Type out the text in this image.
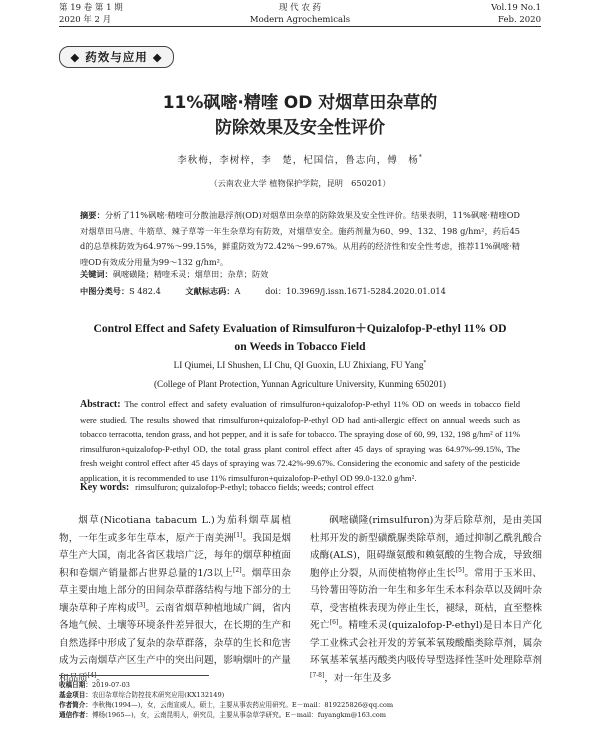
第 19 卷 第 1 期	现 代 农 药	Vol.19 No.1
2020 年 2 月	Modern Agrochemicals	Feb. 2020
◆ 药效与应用 ◆
11%砜嘧·精喹 OD 对烟草田杂草的
防除效果及安全性评价
李秋梅，李树梓，李　楚，杞国信，鲁志向，傅　杨*
（云南农业大学 植物保护学院，昆明　650201）
摘要：分析了11%砜嘧·精喹可分散油悬浮剂(OD)对烟草田杂草的防除效果及安全性评价。结果表明，11%砜嘧·精喹OD对烟草田马唐、牛筋草、辣子草等一年生杂草均有防效，对烟草安全。施药剂量为60、99、132、198 g/hm²，药后45 d的总草株防效为64.97%～99.15%，鲜重防效为72.42%～99.67%。从用药的经济性和安全性考虑，推荐11%砜嘧·精喹OD有效成分用量为99～132 g/hm²。
关键词：砜嘧磺隆；精喹禾灵；烟草田；杂草；防效
中图分类号：S 482.4	文献标志码：A	doi：10.3969/j.issn.1671-5284.2020.01.014
Control Effect and Safety Evaluation of Rimsulfuron＋Quizalofop-P-ethyl 11% OD
on Weeds in Tobacco Field
LI Qiumei, LI Shushen, LI Chu, QI Guoxin, LU Zhixiang, FU Yang*
(College of Plant Protection, Yunnan Agriculture University, Kunming 650201)
Abstract: The control effect and safety evaluation of rimsulfuron+quizalofop-P-ethyl 11% OD on weeds in tobacco field were studied. The results showed that rimsulfuron+quizalofop-P-ethyl OD had anti-allergic effect on annual weeds such as tobacco terracotta, tendon grass, and hot pepper, and it is safe for tobacco. The spraying dose of 60, 99, 132, 198 g/hm² of 11% rimsulfuron+quizalofop-P-ethyl OD, the total grass plant control effect after 45 days of spraying was 64.97%-99.15%, The fresh weight control effect after 45 days of spraying was 72.42%-99.67%. Considering the economic and safety of the pesticide application, it is recommended to use 11% rimsulfuron+quizalofop-P-ethyl OD 99.0-132.0 g/hm².
Key words: rimsulfuron; quizalofop-P-ethyl; tobacco fields; weeds; control effect

烟草(Nicotiana tabacum L.)为茄科烟草属植物，一年生或多年生草本，原产于南美洲[1]。我国是烟草生产大国，南北各省区栽培广泛，每年的烟草种植面积和卷烟产销量都占世界总量的1/3以上[2]。烟草田杂草主要由地上部分的田间杂草群落结构与地下部分的土壤杂草种子库构成[3]。云南省烟草种植地域广阔，省内各地气候、土壤等环境条件差异很大，在长期的生产和自然选择中形成了复杂的杂草群落，杂草的生长和危害成为云南烟草产区生产中的突出问题，影响烟叶的产量和品质[4]。

砜嘧磺隆(rimsulfuron)为芽后除草剂，是由美国杜邦开发的新型磺酰脲类除草剂，通过抑制乙酰乳酸合成酶(ALS)，阻碍缬氨酸和赖氨酸的生物合成，导致细胞停止分裂，从而使植物停止生长[5]。常用于玉米田、马铃薯田等防治一年生和多年生禾本科杂草以及阔叶杂草，受害植株表现为停止生长，褪绿，斑枯，直至整株死亡[6]。精喹禾灵(quizalofop-P-ethyl)是日本日产化学工业株式会社开发的芳氧苯氧羧酸酯类除草剂，属杂环氧基苯氧基丙酸类内吸传导型选择性茎叶处理除草剂[7-8]，对一年生及多

收稿日期：2019-07-03
基金项目：农田杂草综合防控技术研究应用(KX132149)
作者简介：李秋梅(1994—)，女，云南宣威人，硕士，主要从事农药应用研究。E－mail：819225826@qq.com
通信作者：傅杨(1965—)，女，云南昆明人，研究员，主要从事杂草学研究。E－mail：fuyangkm@163.com
